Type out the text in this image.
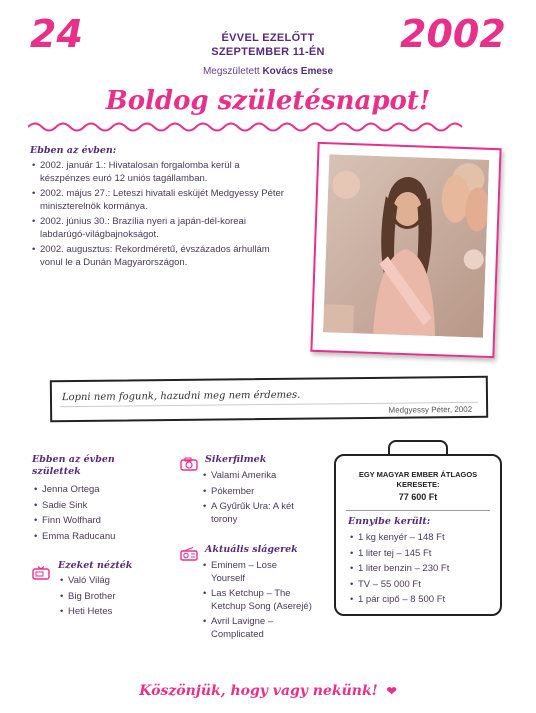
24	2002
ÉVVEL EZELŐTT
SZEPTEMBER 11-ÉN
Megszületett Kovács Emese
Boldog születésnapot!
Ebben az évben:
• 2002. január 1.: Hivatalosan forgalomba kerül a készpénzes euró 12 uniós tagállamban.
• 2002. május 27.: Leteszi hivatali esküjét Medgyessy Péter miniszterelnök kormánya.
• 2002. június 30.: Brazília nyeri a japán-dél-koreai labdarúgó-világbajnokságot.
• 2002. augusztus: Rekordméretű, évszázados árhullám vonul le a Dunán Magyarországon.
Lopni nem fogunk, hazudni meg nem érdemes.
Medgyessy Péter, 2002
Ebben az évben születtek
• Jenna Ortega
• Sadie Sink
• Finn Wolfhard
• Emma Raducanu
Ezeket nézték
• Való Világ
• Big Brother
• Heti Hetes
Sikerfilmek
• Valami Amerika
• Pókember
• A Gyűrűk Ura: A két torony
Aktuális slágerek
• Eminem – Lose Yourself
• Las Ketchup – The Ketchup Song (Aserejé)
• Avril Lavigne – Complicated
EGY MAGYAR EMBER ÁTLAGOS KERESETE:
77 600 Ft
Ennyibe került:
• 1 kg kenyér – 148 Ft
• 1 liter tej – 145 Ft
• 1 liter benzin – 230 Ft
• TV – 55 000 Ft
• 1 pár cipő – 8 500 Ft
Köszönjük, hogy vagy nekünk! ❤
